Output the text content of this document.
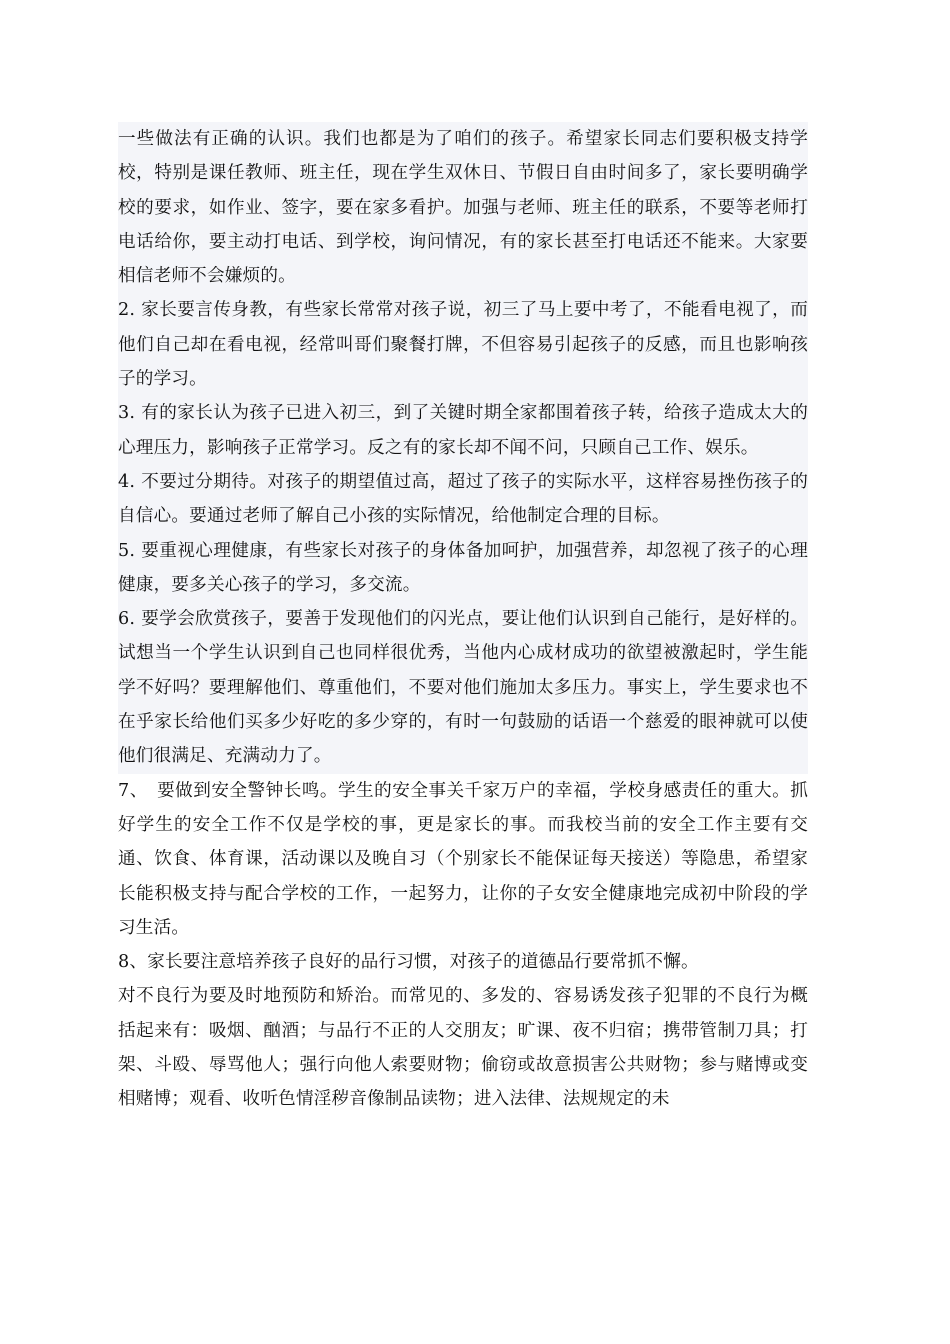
一些做法有正确的认识。我们也都是为了咱们的孩子。希望家长同志们要积极支持学校，特别是课任教师、班主任，现在学生双休日、节假日自由时间多了，家长要明确学校的要求，如作业、签字，要在家多看护。加强与老师、班主任的联系，不要等老师打电话给你，要主动打电话、到学校，询问情况，有的家长甚至打电话还不能来。大家要相信老师不会嫌烦的。

2. 家长要言传身教，有些家长常常对孩子说，初三了马上要中考了，不能看电视了，而他们自己却在看电视，经常叫哥们聚餐打牌，不但容易引起孩子的反感，而且也影响孩子的学习。

3. 有的家长认为孩子已进入初三，到了关键时期全家都围着孩子转，给孩子造成太大的心理压力，影响孩子正常学习。反之有的家长却不闻不问，只顾自己工作、娱乐。

4. 不要过分期待。对孩子的期望值过高，超过了孩子的实际水平，这样容易挫伤孩子的自信心。要通过老师了解自己小孩的实际情况，给他制定合理的目标。

5. 要重视心理健康，有些家长对孩子的身体备加呵护，加强营养，却忽视了孩子的心理健康，要多关心孩子的学习，多交流。

6. 要学会欣赏孩子，要善于发现他们的闪光点，要让他们认识到自己能行，是好样的。试想当一个学生认识到自己也同样很优秀，当他内心成材成功的欲望被激起时，学生能学不好吗？要理解他们、尊重他们，不要对他们施加太多压力。事实上，学生要求也不在乎家长给他们买多少好吃的多少穿的，有时一句鼓励的话语一个慈爱的眼神就可以使他们很满足、充满动力了。

7、　要做到安全警钟长鸣。学生的安全事关千家万户的幸福，学校身感责任的重大。抓好学生的安全工作不仅是学校的事，更是家长的事。而我校当前的安全工作主要有交通、饮食、体育课，活动课以及晚自习（个别家长不能保证每天接送）等隐患，希望家长能积极支持与配合学校的工作，一起努力，让你的子女安全健康地完成初中阶段的学习生活。

8、家长要注意培养孩子良好的品行习惯，对孩子的道德品行要常抓不懈。

对不良行为要及时地预防和矫治。而常见的、多发的、容易诱发孩子犯罪的不良行为概括起来有：吸烟、酗酒；与品行不正的人交朋友；旷课、夜不归宿；携带管制刀具；打架、斗殴、辱骂他人；强行向他人索要财物；偷窃或故意损害公共财物；参与赌博或变相赌博；观看、收听色情淫秽音像制品读物；进入法律、法规规定的未
